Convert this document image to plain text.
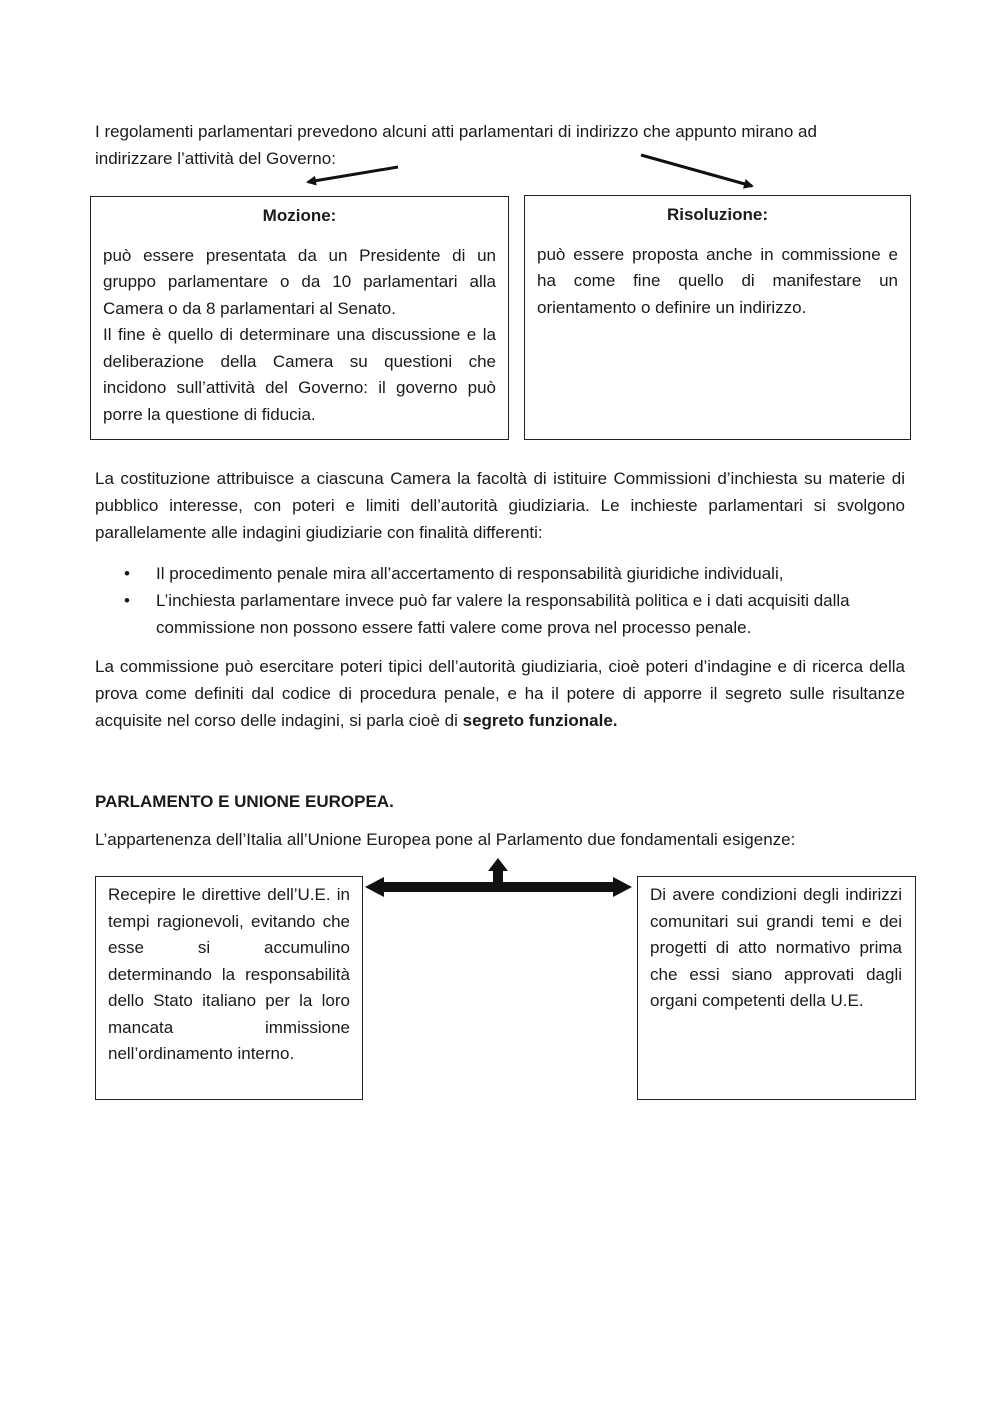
I regolamenti parlamentari prevedono alcuni atti parlamentari di indirizzo che appunto mirano ad
indirizzare l’attività del Governo:
Mozione:
può essere presentata da un Presidente di un gruppo parlamentare o da 10 parlamentari alla Camera o da 8 parlamentari al Senato.
Il fine è quello di determinare una discussione e la deliberazione della Camera su questioni che incidono sull’attività del Governo: il governo può porre la questione di fiducia.
Risoluzione:
può essere proposta anche in commissione e ha come fine quello di manifestare un orientamento o definire un indirizzo.
La costituzione attribuisce a ciascuna Camera la facoltà di istituire Commissioni d’inchiesta su materie di pubblico interesse, con poteri e limiti dell’autorità giudiziaria. Le inchieste parlamentari si svolgono parallelamente alle indagini giudiziarie con finalità differenti:
• Il procedimento penale mira all’accertamento di responsabilità giuridiche individuali,
• L’inchiesta parlamentare invece può far valere la responsabilità politica e i dati acquisiti dalla commissione non possono essere fatti valere come prova nel processo penale.
La commissione può esercitare poteri tipici dell’autorità giudiziaria, cioè poteri d’indagine e di ricerca della prova come definiti dal codice di procedura penale, e ha il potere di apporre il segreto sulle risultanze acquisite nel corso delle indagini, si parla cioè di segreto funzionale.
PARLAMENTO E UNIONE EUROPEA.
L’appartenenza dell’Italia all’Unione Europea pone al Parlamento due fondamentali esigenze:
Recepire le direttive dell’U.E. in tempi ragionevoli, evitando che esse si accumulino determinando la responsabilità dello Stato italiano per la loro mancata immissione nell’ordinamento interno.
Di avere condizioni degli indirizzi comunitari sui grandi temi e dei progetti di atto normativo prima che essi siano approvati dagli organi competenti della U.E.
